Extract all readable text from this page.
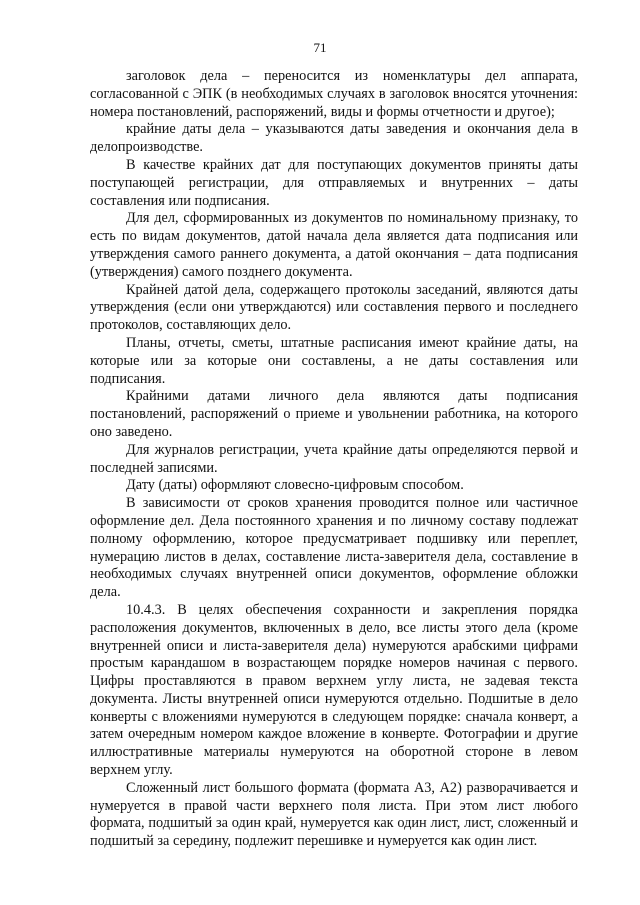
71

заголовок дела – переносится из номенклатуры дел аппарата, согласованной с ЭПК (в необходимых случаях в заголовок вносятся уточнения: номера постановлений, распоряжений, виды и формы отчетности и другое);

крайние даты дела – указываются даты заведения и окончания дела в делопроизводстве.

В качестве крайних дат для поступающих документов приняты даты поступающей регистрации, для отправляемых и внутренних – даты составления или подписания.

Для дел, сформированных из документов по номинальному признаку, то есть по видам документов, датой начала дела является дата подписания или утверждения самого раннего документа, а датой окончания – дата подписания (утверждения) самого позднего документа.

Крайней датой дела, содержащего протоколы заседаний, являются даты утверждения (если они утверждаются) или составления первого и последнего протоколов, составляющих дело.

Планы, отчеты, сметы, штатные расписания имеют крайние даты, на которые или за которые они составлены, а не даты составления или подписания.

Крайними датами личного дела являются даты подписания постановлений, распоряжений о приеме и увольнении работника, на которого оно заведено.

Для журналов регистрации, учета крайние даты определяются первой и последней записями.

Дату (даты) оформляют словесно-цифровым способом.

В зависимости от сроков хранения проводится полное или частичное оформление дел. Дела постоянного хранения и по личному составу подлежат полному оформлению, которое предусматривает подшивку или переплет, нумерацию листов в делах, составление листа-заверителя дела, составление в необходимых случаях внутренней описи документов, оформление обложки дела.

10.4.3. В целях обеспечения сохранности и закрепления порядка расположения документов, включенных в дело, все листы этого дела (кроме внутренней описи и листа-заверителя дела) нумеруются арабскими цифрами простым карандашом в возрастающем порядке номеров начиная с первого. Цифры проставляются в правом верхнем углу листа, не задевая текста документа. Листы внутренней описи нумеруются отдельно. Подшитые в дело конверты с вложениями нумеруются в следующем порядке: сначала конверт, а затем очередным номером каждое вложение в конверте. Фотографии и другие иллюстративные материалы нумеруются на оборотной стороне в левом верхнем углу.

Сложенный лист большого формата (формата А3, А2) разворачивается и нумеруется в правой части верхнего поля листа. При этом лист любого формата, подшитый за один край, нумеруется как один лист, лист, сложенный и подшитый за середину, подлежит перешивке и нумеруется как один лист.
